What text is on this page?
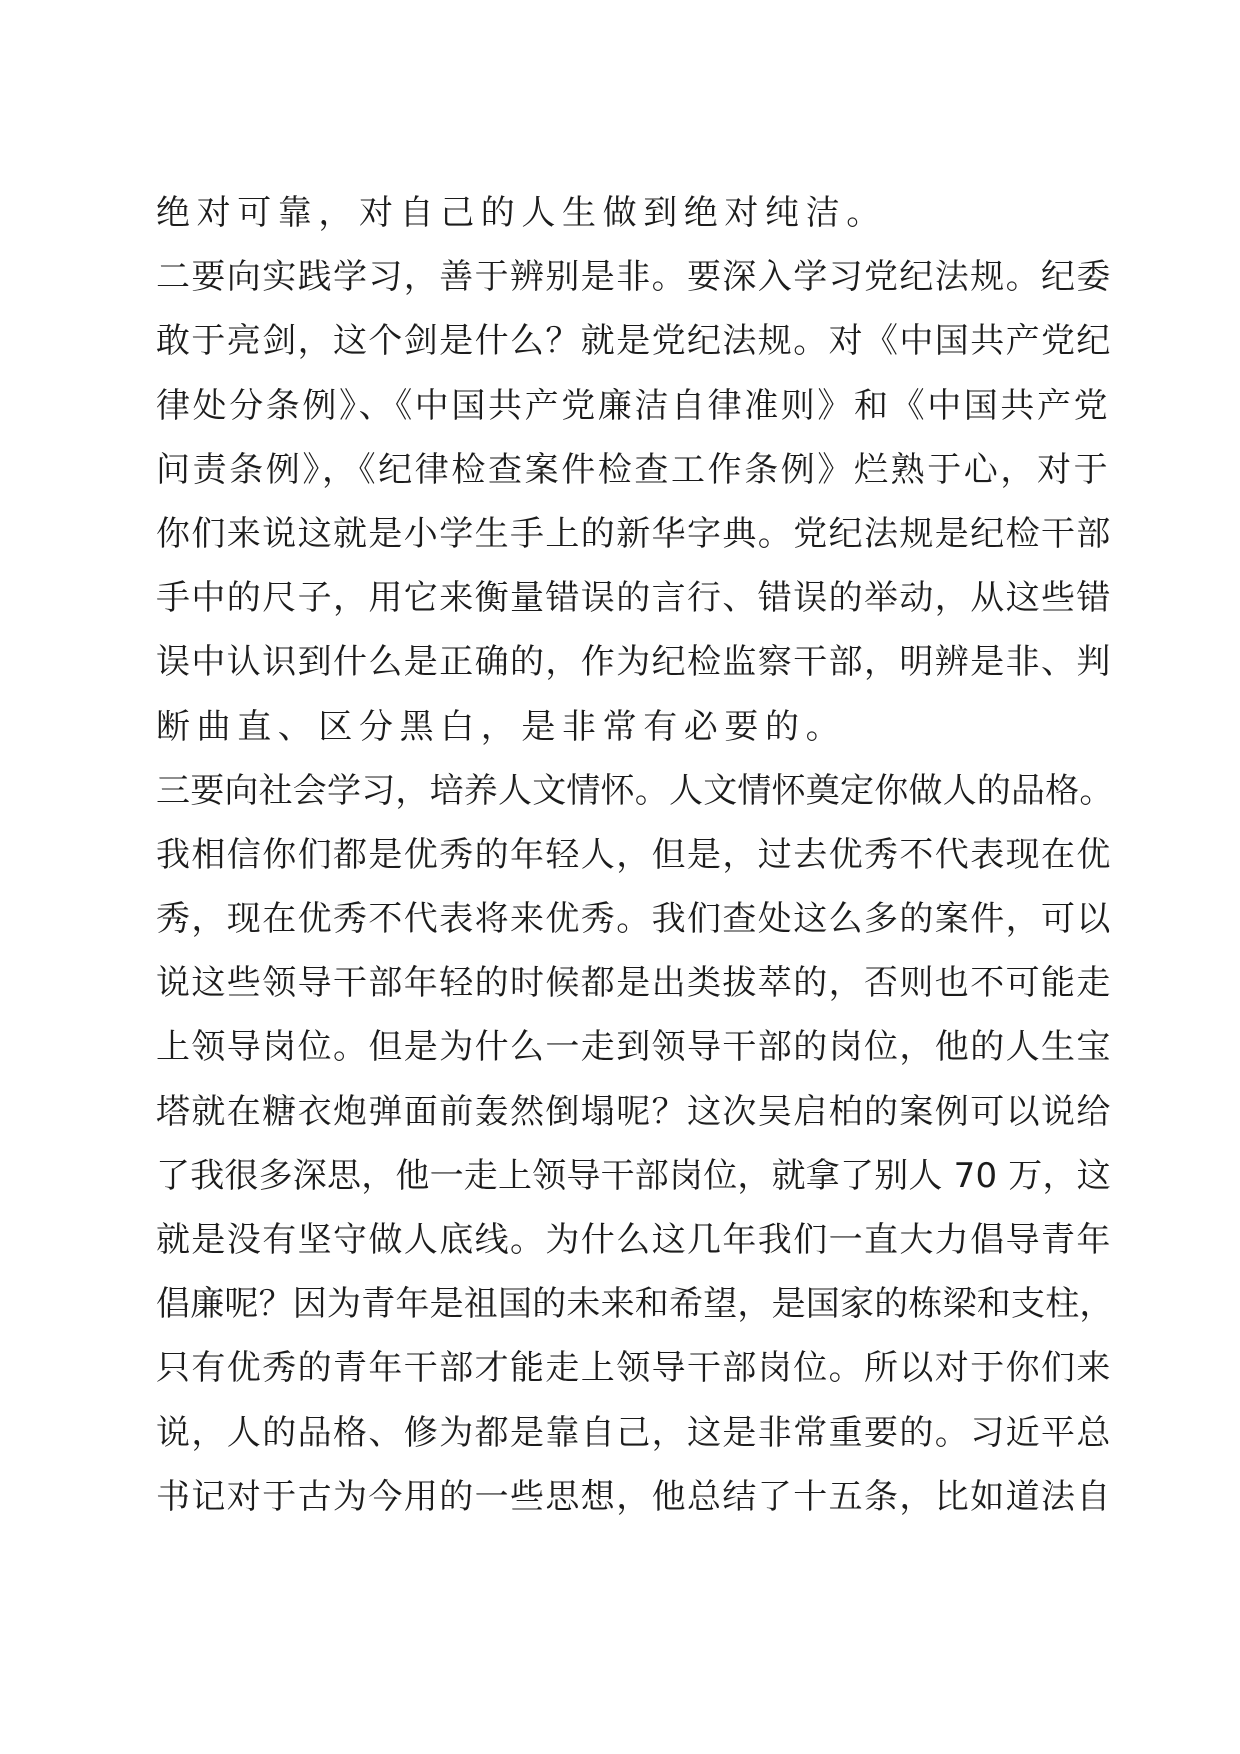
绝对可靠，对自己的人生做到绝对纯洁。
二要向实践学习，善于辨别是非。要深入学习党纪法规。纪委
敢于亮剑，这个剑是什么？就是党纪法规。对《中国共产党纪
律处分条例》、《中国共产党廉洁自律准则》和《中国共产党
问责条例》，《纪律检查案件检查工作条例》烂熟于心，对于
你们来说这就是小学生手上的新华字典。党纪法规是纪检干部
手中的尺子，用它来衡量错误的言行、错误的举动，从这些错
误中认识到什么是正确的，作为纪检监察干部，明辨是非、判
断曲直、区分黑白，是非常有必要的。
三要向社会学习，培养人文情怀。人文情怀奠定你做人的品格。
我相信你们都是优秀的年轻人，但是，过去优秀不代表现在优
秀，现在优秀不代表将来优秀。我们查处这么多的案件，可以
说这些领导干部年轻的时候都是出类拔萃的，否则也不可能走
上领导岗位。但是为什么一走到领导干部的岗位，他的人生宝
塔就在糖衣炮弹面前轰然倒塌呢？这次吴启柏的案例可以说给
了我很多深思，他一走上领导干部岗位，就拿了别人 70 万，这
就是没有坚守做人底线。为什么这几年我们一直大力倡导青年
倡廉呢？因为青年是祖国的未来和希望，是国家的栋梁和支柱，
只有优秀的青年干部才能走上领导干部岗位。所以对于你们来
说，人的品格、修为都是靠自己，这是非常重要的。习近平总
书记对于古为今用的一些思想，他总结了十五条，比如道法自
